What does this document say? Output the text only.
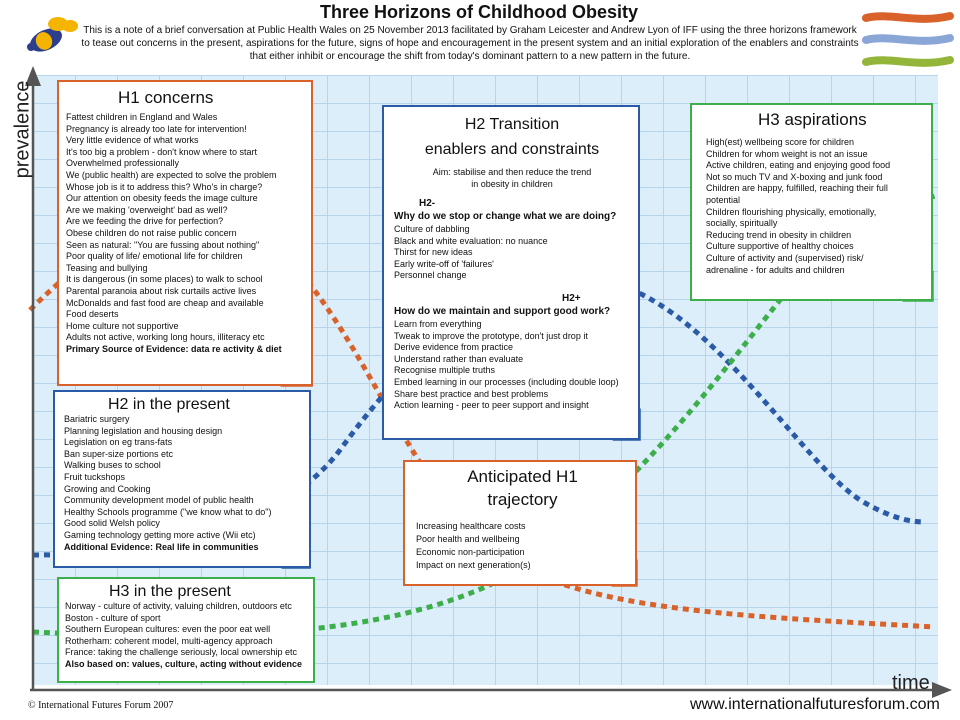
Three Horizons of Childhood Obesity
This is a note of a brief conversation at Public Health Wales on 25 November 2013 facilitated by Graham Leicester and Andrew Lyon of IFF using the three horizons framework to tease out concerns in the present, aspirations for the future, signs of hope and encouragement in the present system and an initial exploration of the enablers and constraints that either inhibit or encourage the shift from today's dominant pattern to a new pattern in the future.
prevalence
time
H1 concerns
Fattest children in England and Wales
Pregnancy is already too late for intervention!
Very little evidence of what works
It's too big a problem - don't know where to start
Overwhelmed professionally
We (public health) are expected to solve the problem
Whose job is it to address this? Who's in charge?
Our attention on obesity feeds the image culture
Are we making 'overweight' bad as well?
Are we feeding the drive for perfection?
Obese children do not raise public concern
Seen as natural: "You are fussing about nothing"
Poor quality of life/ emotional life for children
Teasing and bullying
It is dangerous (in some places) to walk to school
Parental paranoia about risk curtails active lives
McDonalds and fast food are cheap and available
Food deserts
Home culture not supportive
Adults not active, working long hours, illiteracy etc
Primary Source of Evidence: data re activity & diet
H2 in the present
Bariatric surgery
Planning legislation and housing design
Legislation on eg trans-fats
Ban super-size portions etc
Walking buses to school
Fruit tuckshops
Growing and Cooking
Community development model of public health
Healthy Schools programme ("we know what to do")
Good solid Welsh policy
Gaming technology getting more active (Wii etc)
Additional Evidence: Real life in communities
H3 in the present
Norway - culture of activity, valuing children, outdoors etc
Boston - culture of sport
Southern European cultures: even the poor eat well
Rotherham: coherent model, multi-agency approach
France: taking the challenge seriously, local ownership etc
Also based on: values, culture, acting without evidence
H2 Transition
enablers and constraints
Aim: stabilise and then reduce the trend
in obesity in children
H2-
Why do we stop or change what we are doing?
Culture of dabbling
Black and white evaluation: no nuance
Thirst for new ideas
Early write-off of 'failures'
Personnel change
H2+
How do we maintain and support good work?
Learn from everything
Tweak to improve the prototype, don't just drop it
Derive evidence from practice
Understand rather than evaluate
Recognise multiple truths
Embed learning in our processes (including double loop)
Share best practice and best problems
Action learning - peer to peer support and insight
H3 aspirations
High(est) wellbeing score for children
Children for whom weight is not an issue
Active children, eating and enjoying good food
Not so much TV and X-boxing and junk food
Children are happy, fulfilled, reaching their full
potential
Children flourishing physically, emotionally,
socially, spiritually
Reducing trend in obesity in children
Culture supportive of healthy choices
Culture of activity and (supervised) risk/
adrenaline - for adults and children
Anticipated H1
trajectory
Increasing healthcare costs
Poor health and wellbeing
Economic non-participation
Impact on next generation(s)
© International Futures Forum 2007	www.internationalfuturesforum.com
